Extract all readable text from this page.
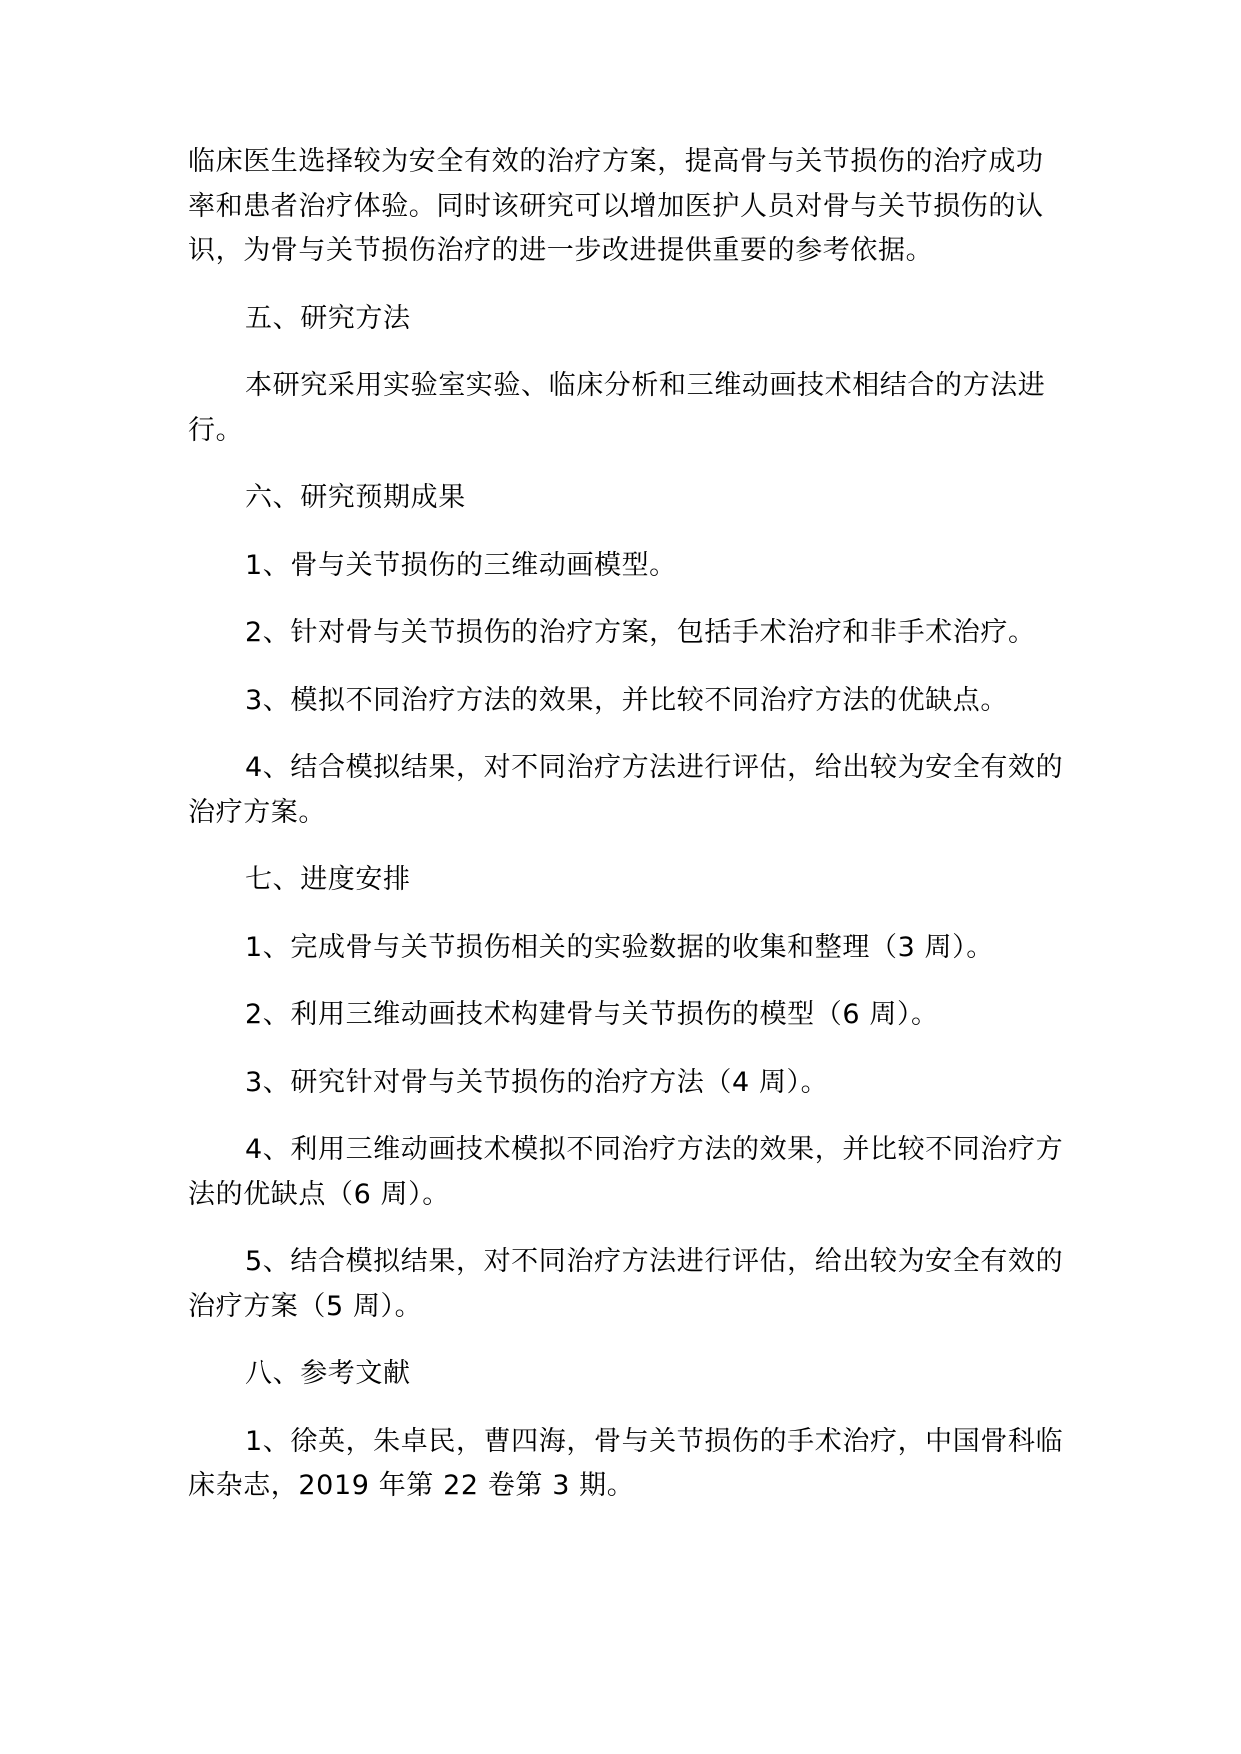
临床医生选择较为安全有效的治疗方案，提高骨与关节损伤的治疗成功
率和患者治疗体验。同时该研究可以增加医护人员对骨与关节损伤的认
识，为骨与关节损伤治疗的进一步改进提供重要的参考依据。

五、研究方法

本研究采用实验室实验、临床分析和三维动画技术相结合的方法进
行。

六、研究预期成果

1、骨与关节损伤的三维动画模型。

2、针对骨与关节损伤的治疗方案，包括手术治疗和非手术治疗。

3、模拟不同治疗方法的效果，并比较不同治疗方法的优缺点。

4、结合模拟结果，对不同治疗方法进行评估，给出较为安全有效的
治疗方案。

七、进度安排

1、完成骨与关节损伤相关的实验数据的收集和整理（3 周）。

2、利用三维动画技术构建骨与关节损伤的模型（6 周）。

3、研究针对骨与关节损伤的治疗方法（4 周）。

4、利用三维动画技术模拟不同治疗方法的效果，并比较不同治疗方
法的优缺点（6 周）。

5、结合模拟结果，对不同治疗方法进行评估，给出较为安全有效的
治疗方案（5 周）。

八、参考文献

1、徐英，朱卓民，曹四海，骨与关节损伤的手术治疗，中国骨科临
床杂志，2019 年第 22 卷第 3 期。
